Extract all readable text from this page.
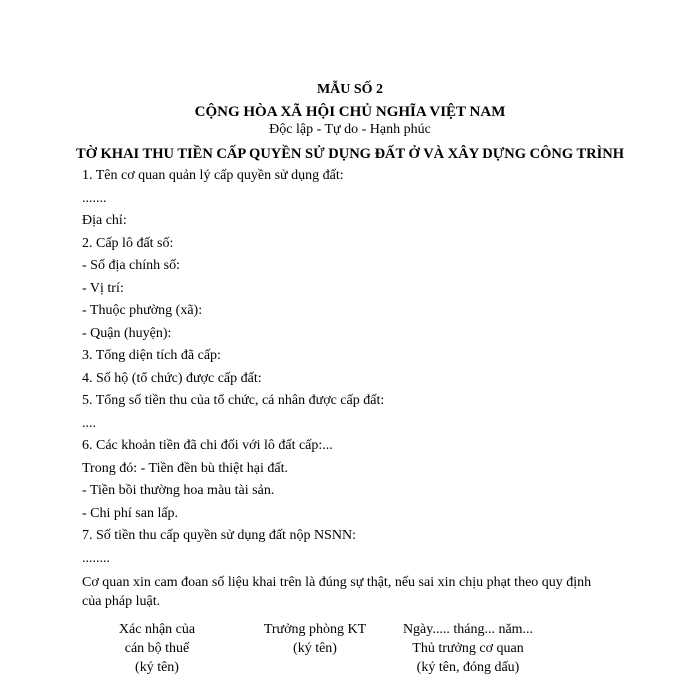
MẪU SỐ 2
CỘNG HÒA XÃ HỘI CHỦ NGHĨA VIỆT NAM
Độc lập - Tự do - Hạnh phúc
TỜ KHAI THU TIỀN CẤP QUYỀN SỬ DỤNG ĐẤT Ở VÀ XÂY DỰNG CÔNG TRÌNH
1. Tên cơ quan quản lý cấp quyền sử dụng đất:
.......
Địa chỉ:
2. Cấp lô đất số:
- Số địa chính số:
- Vị trí:
- Thuộc phường (xã):
- Quận (huyện):
3. Tổng diện tích đã cấp:
4. Số hộ (tổ chức) được cấp đất:
5. Tổng số tiền thu của tổ chức, cá nhân được cấp đất:
....
6. Các khoản tiền đã chi đối với lô đất cấp:...
Trong đó: - Tiền đền bù thiệt hại đất.
- Tiền bồi thường hoa màu tài sản.
- Chi phí san lấp.
7. Số tiền thu cấp quyền sử dụng đất nộp NSNN:
........
Cơ quan xin cam đoan số liệu khai trên là đúng sự thật, nếu sai xin chịu phạt theo quy định của pháp luật.
Xác nhận của
cán bộ thuế
(ký tên)
Trưởng phòng KT
(ký tên)
Ngày..... tháng... năm...
Thủ trưởng cơ quan
(ký tên, đóng dấu)
